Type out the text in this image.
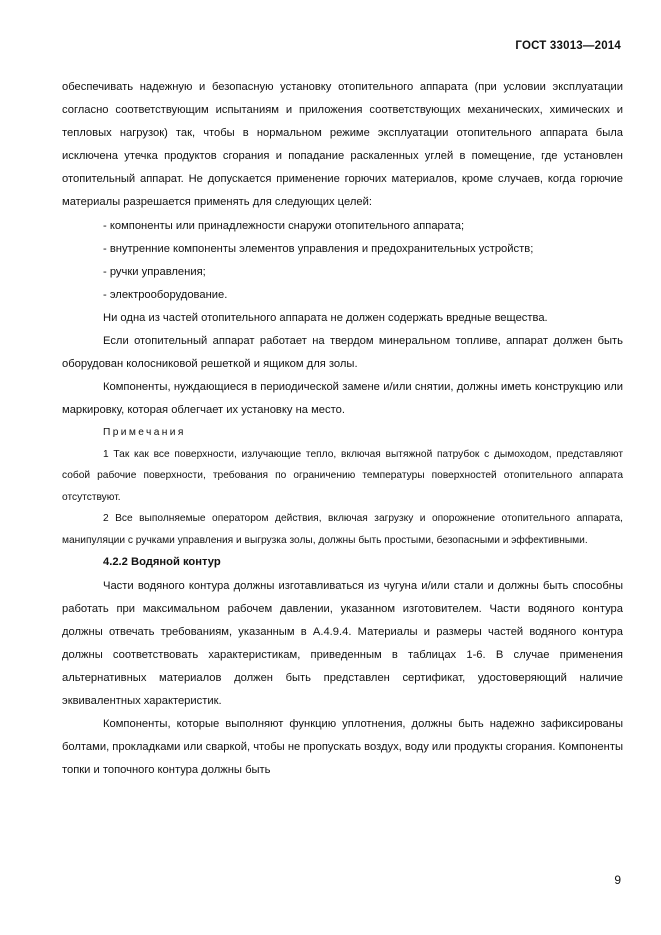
ГОСТ 33013—2014

обеспечивать надежную и безопасную установку отопительного аппарата (при условии эксплуатации согласно соответствующим испытаниям и приложения соответствующих механических, химических и тепловых нагрузок) так, чтобы в нормальном режиме эксплуатации отопительного аппарата была исключена утечка продуктов сгорания и попадание раскаленных углей в помещение, где установлен отопительный аппарат. Не допускается применение горючих материалов, кроме случаев, когда горючие материалы разрешается применять для следующих целей:

- компоненты или принадлежности снаружи отопительного аппарата;
- внутренние компоненты элементов управления и предохранительных устройств;
- ручки управления;
- электрооборудование.

Ни одна из частей отопительного аппарата не должен содержать вредные вещества.

Если отопительный аппарат работает на твердом минеральном топливе, аппарат должен быть оборудован колосниковой решеткой и ящиком для золы.

Компоненты, нуждающиеся в периодической замене и/или снятии, должны иметь конструкцию или маркировку, которая облегчает их установку на место.

Примечания

1 Так как все поверхности, излучающие тепло, включая вытяжной патрубок с дымоходом, представляют собой рабочие поверхности, требования по ограничению температуры поверхностей отопительного аппарата отсутствуют.

2 Все выполняемые оператором действия, включая загрузку и опорожнение отопительного аппарата, манипуляции с ручками управления и выгрузка золы, должны быть простыми, безопасными и эффективными.

4.2.2 Водяной контур

Части водяного контура должны изготавливаться из чугуна и/или стали и должны быть способны работать при максимальном рабочем давлении, указанном изготовителем. Части водяного контура должны отвечать требованиям, указанным в А.4.9.4. Материалы и размеры частей водяного контура должны соответствовать характеристикам, приведенным в таблицах 1-6. В случае применения альтернативных материалов должен быть представлен сертификат, удостоверяющий наличие эквивалентных характеристик.

Компоненты, которые выполняют функцию уплотнения, должны быть надежно зафиксированы болтами, прокладками или сваркой, чтобы не пропускать воздух, воду или продукты сгорания. Компоненты топки и топочного контура должны быть

9
